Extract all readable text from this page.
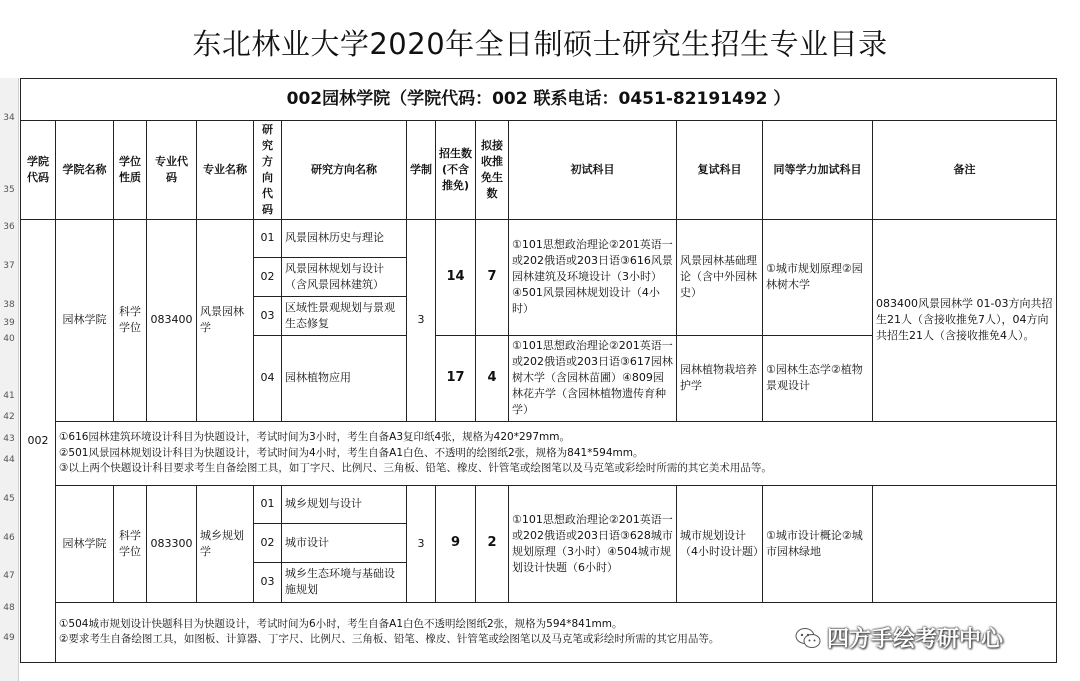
东北林业大学2020年全日制硕士研究生招生专业目录
34
35
36
37
38
39
40
41
42
43
44
45
46
47
48
49
002园林学院（学院代码：002 联系电话：0451-82191492 ）													
学院代码	学院名称	学位性质	专业代码	专业名称	研究方向代码	研究方向名称	学制	招生数(不含推免)	拟接收推免生数	初试科目	复试科目	同等学力加试科目	备注
002	园林学院	科学学位	083400	风景园林学	01	风景园林历史与理论	3	14	7	①101思想政治理论②201英语一或202俄语或203日语③616风景园林建筑及环境设计（3小时）④501风景园林规划设计（4小时）	风景园林基础理论（含中外园林史）	①城市规划原理②园林树木学	083400风景园林学 01-03方向共招生21人（含接收推免7人），04方向共招生21人（含接收推免4人）。
					02	风景园林规划与设计（含风景园林建筑）							
					03	区域性景观规划与景观生态修复							
					04	园林植物应用		17	4	①101思想政治理论②201英语一或202俄语或203日语③617园林树木学（含园林苗圃）④809园林花卉学（含园林植物遗传育种学）	园林植物栽培养护学	①园林生态学②植物景观设计	

	①616园林建筑环境设计科目为快题设计，考试时间为3小时，考生自备A3复印纸4张，规格为420*297mm。
②501风景园林规划设计科目为快题设计，考试时间为4小时，考生自备A1白色、不透明的绘图纸2张，规格为841*594mm。
③以上两个快题设计科目要求考生自备绘图工具，如丁字尺、比例尺、三角板、铅笔、橡皮、针管笔或绘图笔以及马克笔或彩绘时所需的其它美术用品等。												

	园林学院	科学学位	083300	城乡规划学	01	城乡规划与设计	3	9	2	①101思想政治理论②201英语一或202俄语或203日语③628城市规划原理（3小时）④504城市规划设计快题（6小时）	城市规划设计（4小时设计题）	①城市设计概论②城市园林绿地	
					02	城市设计							
					03	城乡生态环境与基础设施规划							

	①504城市规划设计快题科目为快题设计，考试时间为6小时，考生自备A1白色不透明绘图纸2张，规格为594*841mm。
②要求考生自备绘图工具，如图板、计算器、丁字尺、比例尺、三角板、铅笔、橡皮、针管笔或绘图笔以及马克笔或彩绘时所需的其它用品等。													四方手绘考研中心
